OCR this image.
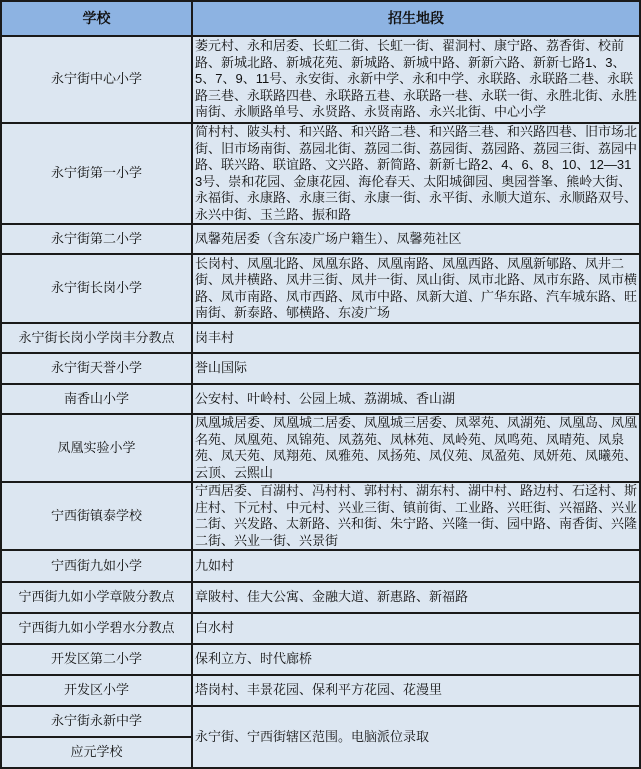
学校	招生地段
永宁街中心小学	萎元村、永和居委、长虹二街、长虹一街、翟洞村、康宁路、荔香街、校前路、新城北路、新城花苑、新城路、新城中路、新新六路、新新七路1、3、5、7、9、11号、永安街、永新中学、永和中学、永联路、永联路二巷、永联路三巷、永联路四巷、永联路五巷、永联路一巷、永联一街、永胜北街、永胜南街、永顺路单号、永贤路、永贤南路、永兴北街、中心小学
永宁街第一小学	简村村、陂头村、和兴路、和兴路二巷、和兴路三巷、和兴路四巷、旧市场北街、旧市场南街、荔园北街、荔园二街、荔园街、荔园路、荔园三街、荔园中路、联兴路、联谊路、文兴路、新简路、新新七路2、4、6、8、10、12—313号、崇和花园、金康花园、海伦春天、太阳城御园、奥园誉峯、熊岭大街、永福街、永康路、永康三街、永康一街、永平街、永顺大道东、永顺路双号、永兴中街、玉兰路、振和路
永宁街第二小学	凤馨苑居委（含东凌广场户籍生）、凤馨苑社区
永宁街长岗小学	长岗村、凤凰北路、凤凰东路、凤凰南路、凤凰西路、凤凰新郇路、凤井二街、凤井横路、凤井三街、凤井一街、凤山街、凤市北路、凤市东路、凤市横路、凤市南路、凤市西路、凤市中路、凤新大道、广华东路、汽车城东路、旺南街、新泰路、郇横路、东凌广场
永宁街长岗小学岗丰分教点	岗丰村
永宁街天誉小学	誉山国际
南香山小学	公安村、叶岭村、公园上城、荔湖城、香山湖
凤凰实验小学	凤凰城居委、凤凰城二居委、凤凰城三居委、凤翠苑、凤湖苑、凤凰岛、凤凰名苑、凤凰苑、凤锦苑、凤荔苑、凤林苑、凤岭苑、凤鸣苑、凤晴苑、凤泉苑、凤天苑、凤翔苑、凤雅苑、凤扬苑、凤仪苑、凤盈苑、凤妍苑、凤曦苑、云顶、云熙山
宁西街镇泰学校	宁西居委、百湖村、冯村村、郭村村、湖东村、湖中村、路边村、石迳村、斯庄村、下元村、中元村、兴业三街、镇前街、工业路、兴旺街、兴福路、兴业二街、兴发路、太新路、兴和街、朱宁路、兴隆一街、园中路、南香街、兴隆二街、兴业一街、兴景街
宁西街九如小学	九如村
宁西街九如小学章陂分教点	章陂村、佳大公寓、金融大道、新惠路、新福路
宁西街九如小学碧水分教点	白水村
开发区第二小学	保利立方、时代廊桥
开发区小学	塔岗村、丰景花园、保利平方花园、花漫里
永宁街永新中学	永宁街、宁西街辖区范围。电脑派位录取
应元学校	
